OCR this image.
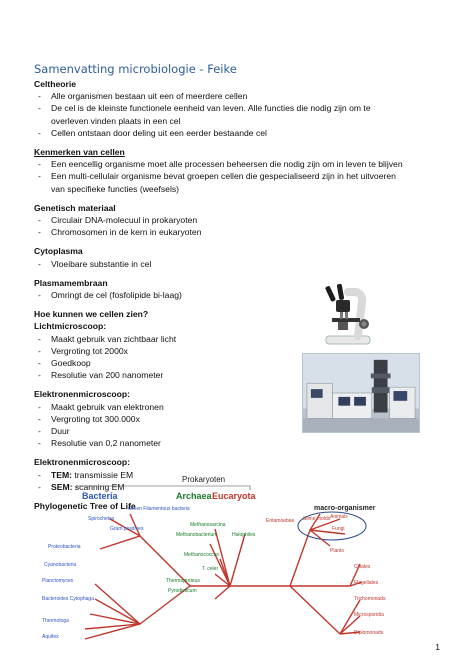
Samenvatting microbiologie - Feike
Celtheorie
- Alle organismen bestaan uit een of meerdere cellen
- De cel is de kleinste functionele eenheid van leven. Alle functies die nodig zijn om te
overleven vinden plaats in een cel
- Cellen ontstaan door deling uit een eerder bestaande cel
Kenmerken van cellen
- Een eencellig organisme moet alle processen beheersen die nodig zijn om in leven te blijven
- Een multi-cellulair organisme bevat groepen cellen die gespecialiseerd zijn in het uitvoeren
van specifieke functies (weefsels)
Genetisch materiaal
- Circulair DNA-molecuul in prokaryoten
- Chromosomen in de kern in eukaryoten
Cytoplasma
- Vloeibare substantie in cel
Plasmamembraan
- Omringt de cel (fosfolipide bi-laag)
Hoe kunnen we cellen zien?
Lichtmicroscoop:
- Maakt gebruik van zichtbaar licht
- Vergroting tot 2000x
- Goedkoop
- Resolutie van 200 nanometer
Elektronenmicroscoop:
- Maakt gebruik van elektronen
- Vergroting tot 300.000x
- Duur
- Resolutie van 0,2 nanometer
Elektronenmicroscoop:
- TEM: transmissie EM
- SEM: scanning EM
Phylogenetic Tree of Life
Prokaryoten
Bacteria	Archaea Eucaryota
macro-organismer
Spirochetes
Green Filamentous bacteria
Gram positives
Proteobacteria
Cyanobacteria
Planctomyces
Bacteroides Cytophaga
Thermotoga
Aquifex
Methanosarcina
Methanobacterium	Halophiles
Methanococcus
T. celer
Thermoproteus
Pyrodicticum
Entamoebae Slime molds Animals
Fungi
Plants
Ciliates
Flagellates
Trichomonads
Microsporidia
Diplomonads
1
